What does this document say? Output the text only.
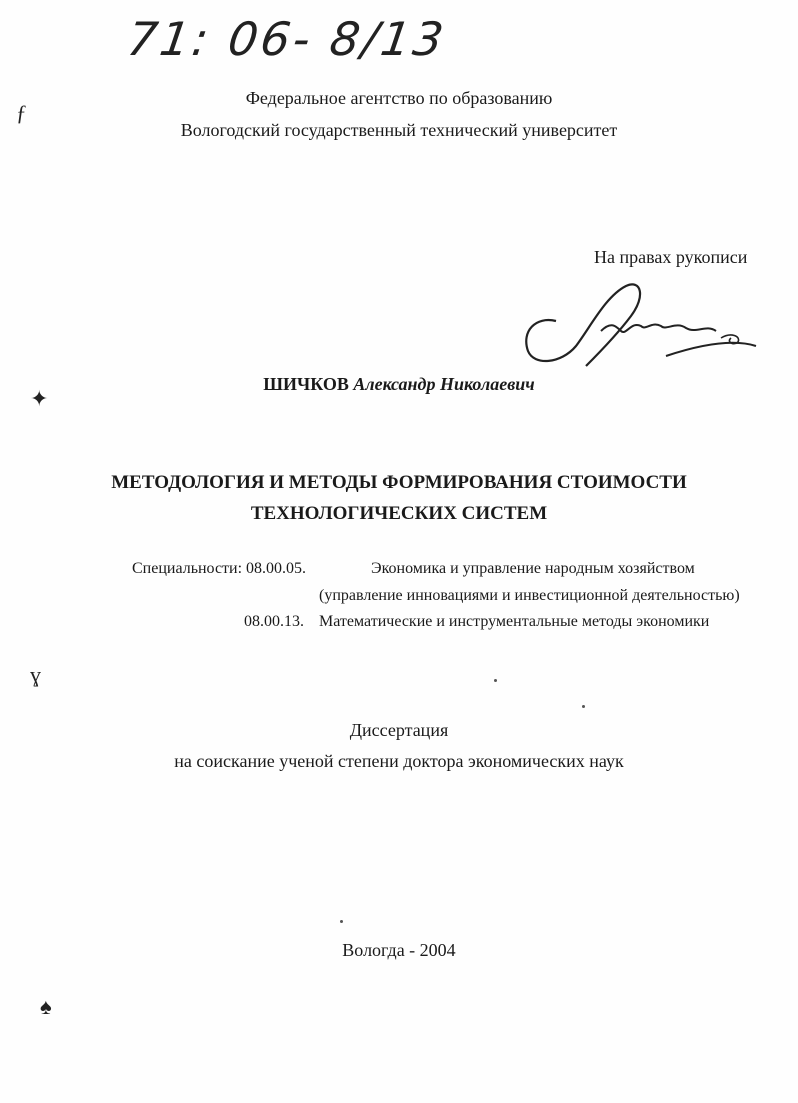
71: 06- 8/13
Федеральное агентство по образованию
Вологодский государственный технический университет
На правах рукописи
ШИЧКОВ Александр Николаевич
МЕТОДОЛОГИЯ И МЕТОДЫ ФОРМИРОВАНИЯ СТОИМОСТИ
ТЕХНОЛОГИЧЕСКИХ СИСТЕМ
Специальности: 08.00.05.	Экономика и управление народным хозяйством
(управление инновациями и инвестиционной деятельностью)
08.00.13. Математические и инструментальные методы экономики
Диссертация
на соискание ученой степени доктора экономических наук
Вологда - 2004
ƒ
✦
ɣ
♠
